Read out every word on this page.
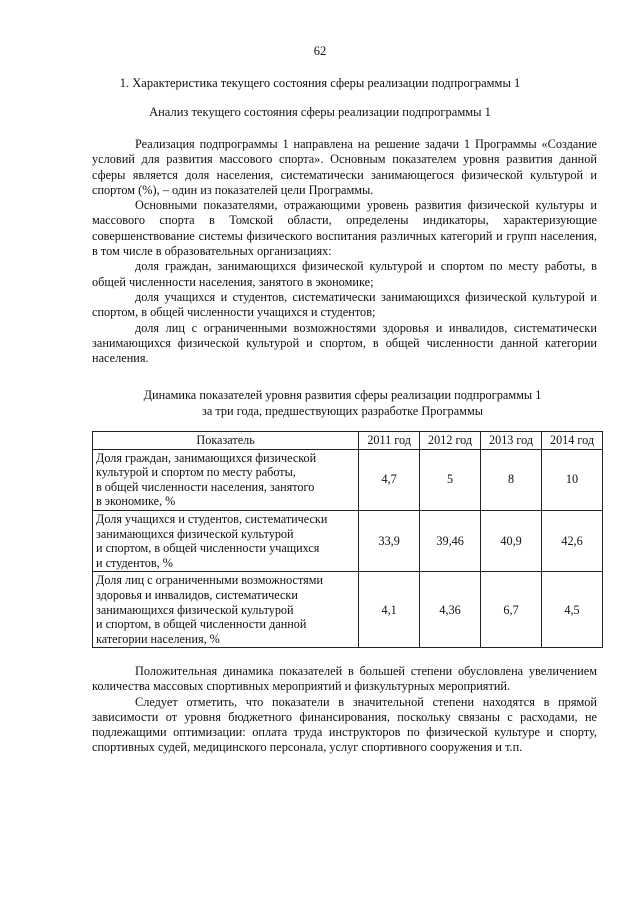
62
1. Характеристика текущего состояния сферы реализации подпрограммы 1
Анализ текущего состояния сферы реализации подпрограммы 1

Реализация подпрограммы 1 направлена на решение задачи 1 Программы «Создание условий для развития массового спорта». Основным показателем уровня развития данной сферы является доля населения, систематически занимающегося физической культурой и спортом (%), – один из показателей цели Программы.

Основными показателями, отражающими уровень развития физической культуры и массового спорта в Томской области, определены индикаторы, характеризующие совершенствование системы физического воспитания различных категорий и групп населения, в том числе в образовательных организациях:

доля граждан, занимающихся физической культурой и спортом по месту работы, в общей численности населения, занятого в экономике;

доля учащихся и студентов, систематически занимающихся физической культурой и спортом, в общей численности учащихся и студентов;

доля лиц с ограниченными возможностями здоровья и инвалидов, систематически занимающихся физической культурой и спортом, в общей численности данной категории населения.

Динамика показателей уровня развития сферы реализации подпрограммы 1
за три года, предшествующих разработке Программы
Показатель	2011 год	2012 год	2013 год	2014 год

Доля граждан, занимающихся физической
культурой и спортом по месту работы,
в общей численности населения, занятого
в экономике, %	4,7	5	8	10

Доля учащихся и студентов, систематически
занимающихся физической культурой
и спортом, в общей численности учащихся
и студентов, %	33,9	39,46	40,9	42,6

Доля лиц с ограниченными возможностями
здоровья и инвалидов, систематически
занимающихся физической культурой
и спортом, в общей численности данной
категории населения, %	4,1	4,36	6,7	4,5

Положительная динамика показателей в большей степени обусловлена увеличением количества массовых спортивных мероприятий и физкультурных мероприятий.

Следует отметить, что показатели в значительной степени находятся в прямой зависимости от уровня бюджетного финансирования, поскольку связаны с расходами, не подлежащими оптимизации: оплата труда инструкторов по физической культуре и спорту, спортивных судей, медицинского персонала, услуг спортивного сооружения и т.п.
